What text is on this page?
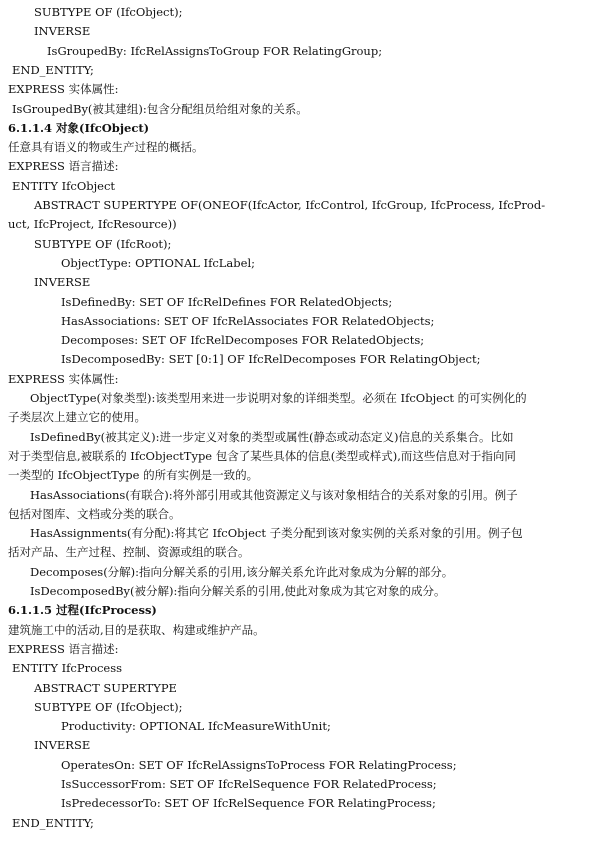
SUBTYPE OF (IfcObject);
INVERSE
IsGroupedBy: IfcRelAssignsToGroup FOR RelatingGroup;
END_ENTITY;
EXPRESS 实体属性:
IsGroupedBy(被其建组):包含分配组员给组对象的关系。
6.1.1.4 对象(IfcObject)
任意具有语义的物或生产过程的概括。
EXPRESS 语言描述:
ENTITY IfcObject
ABSTRACT SUPERTYPE OF(ONEOF(IfcActor, IfcControl, IfcGroup, IfcProcess, IfcProd-
uct, IfcProject, IfcResource))
SUBTYPE OF (IfcRoot);
ObjectType: OPTIONAL IfcLabel;
INVERSE
IsDefinedBy: SET OF IfcRelDefines FOR RelatedObjects;
HasAssociations: SET OF IfcRelAssociates FOR RelatedObjects;
Decomposes: SET OF IfcRelDecomposes FOR RelatedObjects;
IsDecomposedBy: SET [0:1] OF IfcRelDecomposes FOR RelatingObject;
EXPRESS 实体属性:
ObjectType(对象类型):该类型用来进一步说明对象的详细类型。必须在 IfcObject 的可实例化的
子类层次上建立它的使用。
IsDefinedBy(被其定义):进一步定义对象的类型或属性(静态或动态定义)信息的关系集合。比如
对于类型信息,被联系的 IfcObjectType 包含了某些具体的信息(类型或样式),而这些信息对于指向同
一类型的 IfcObjectType 的所有实例是一致的。
HasAssociations(有联合):将外部引用或其他资源定义与该对象相结合的关系对象的引用。例子
包括对图库、文档或分类的联合。
HasAssignments(有分配):将其它 IfcObject 子类分配到该对象实例的关系对象的引用。例子包
括对产品、生产过程、控制、资源或组的联合。
Decomposes(分解):指向分解关系的引用,该分解关系允许此对象成为分解的部分。
IsDecomposedBy(被分解):指向分解关系的引用,使此对象成为其它对象的成分。
6.1.1.5 过程(IfcProcess)
建筑施工中的活动,目的是获取、构建或维护产品。
EXPRESS 语言描述:
ENTITY IfcProcess
ABSTRACT SUPERTYPE
SUBTYPE OF (IfcObject);
Productivity: OPTIONAL IfcMeasureWithUnit;
INVERSE
OperatesOn: SET OF IfcRelAssignsToProcess FOR RelatingProcess;
IsSuccessorFrom: SET OF IfcRelSequence FOR RelatedProcess;
IsPredecessorTo: SET OF IfcRelSequence FOR RelatingProcess;
END_ENTITY;
